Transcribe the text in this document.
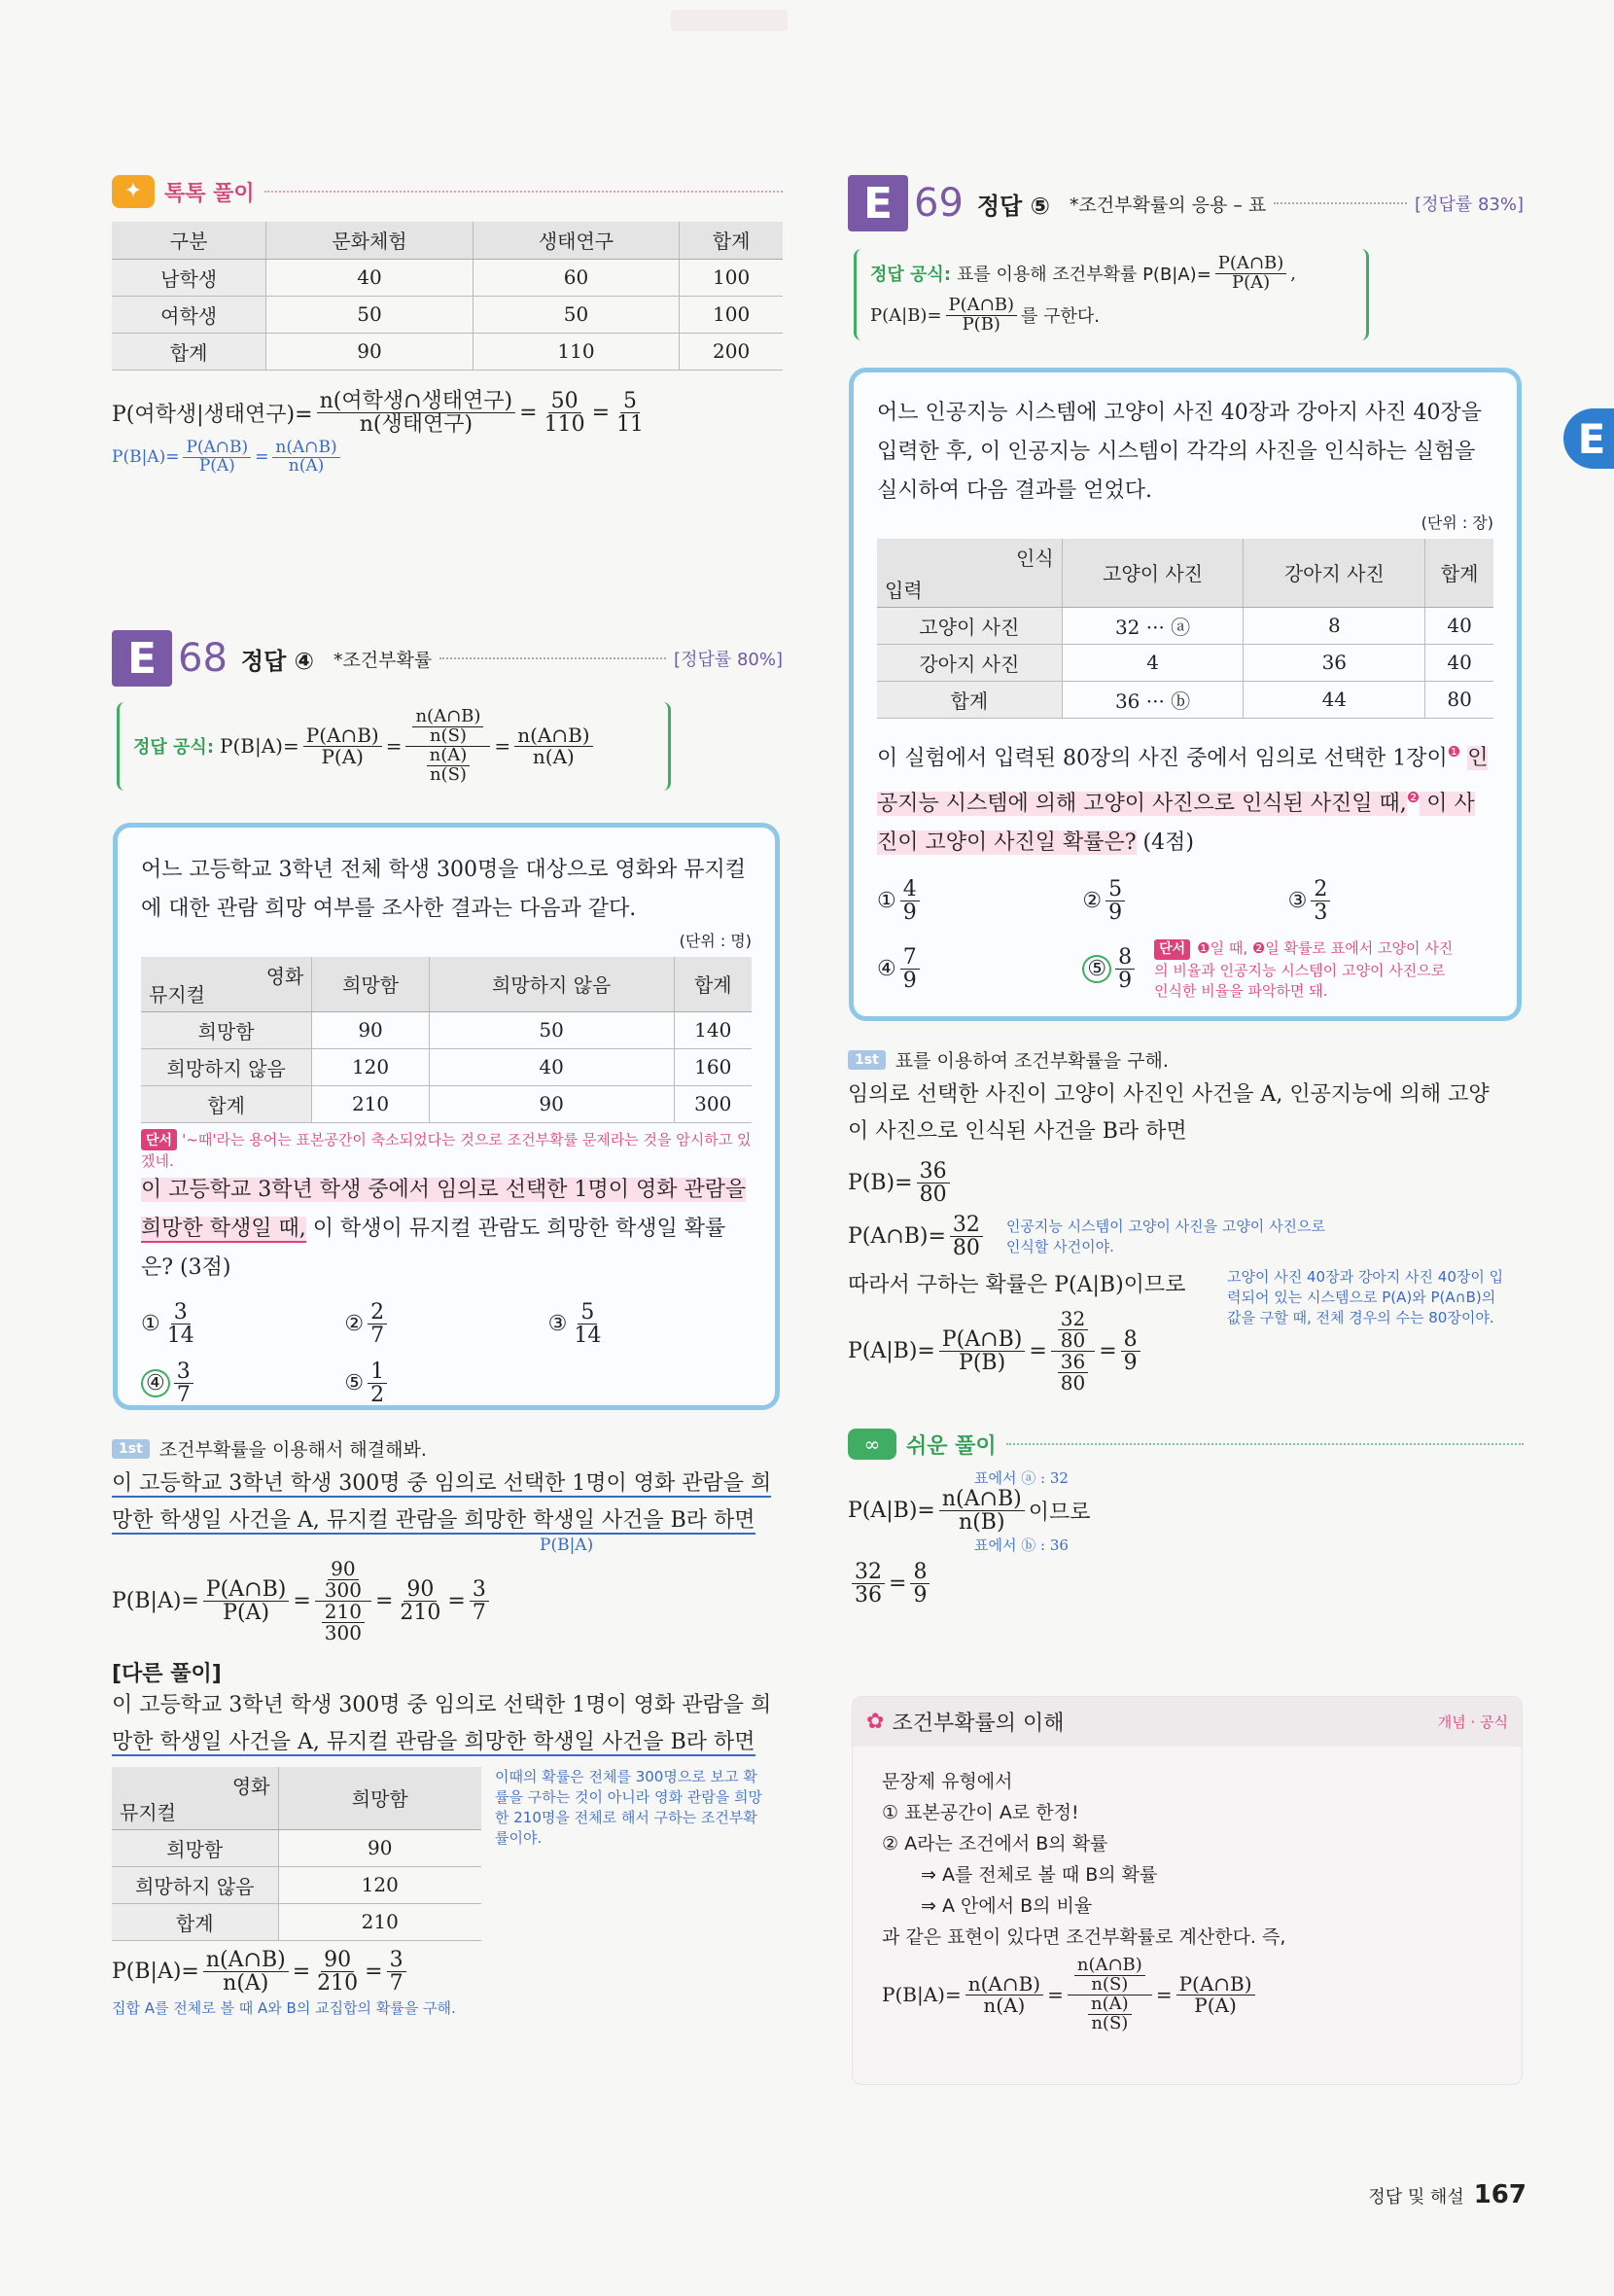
E
✦	톡톡 풀이
구분	문화체험	생태연구	합계
남학생	40	60	100
여학생	50	50	100
합계	90	110	200
P(여학생|생태연구)= $\frac{\text{n(여학생∩생태연구)}}{\text{n(생태연구)}} = \frac{50}{110} = \frac{5}{11}$
$P(B|A)= \frac{P(A\cap B)}{P(A)} = \frac{n(A\cap B)}{n(A)}$
E 68 정답 ④ *조건부확률	[정답률 80%]
정답 공식: $P(B|A)= \frac{P(A\cap B)}{P(A)} = \frac{\frac{n(A\cap B)}{n(S)}}{\frac{n(A)}{n(S)}} = \frac{n(A\cap B)}{n(A)}$
어느 고등학교 3학년 전체 학생 300명을 대상으로 영화와 뮤지컬에 대한 관람 희망 여부를 조사한 결과는 다음과 같다.
(단위 : 명)
영화
뮤지컬	희망함	희망하지 않음	합계
희망함	90	50	140
희망하지 않음	120	40	160
합계	210	90	300
단서 '~때'라는 용어는 표본공간이 축소되었다는 것으로 조건부확률 문제라는 것을 암시하고 있겠네.
이 고등학교 3학년 학생 중에서 임의로 선택한 1명이 영화 관람을 희망한 학생일 때, 이 학생이 뮤지컬 관람도 희망한 학생일 확률은? (3점)
① $\frac{3}{14}$	② $\frac{2}{7}$	③ $\frac{5}{14}$
④ $\frac{3}{7}$	⑤ $\frac{1}{2}$
1st 조건부확률을 이용해서 해결해봐.
이 고등학교 3학년 학생 300명 중 임의로 선택한 1명이 영화 관람을 희
망한 학생일 사건을 A, 뮤지컬 관람을 희망한 학생일 사건을 B라 하면
P(B|A)
$P(B|A)= \frac{P(A\cap B)}{P(A)} = \frac{\frac{90}{300}}{\frac{210}{300}} = \frac{90}{210} = \frac{3}{7}$
[다른 풀이]
이 고등학교 3학년 학생 300명 중 임의로 선택한 1명이 영화 관람을 희
망한 학생일 사건을 A, 뮤지컬 관람을 희망한 학생일 사건을 B라 하면
영화
뮤지컬	희망함
희망함	90
희망하지 않음	120
합계	210
이때의 확률은 전체를 300명으로 보고 확률을 구하는 것이 아니라 영화 관람을 희망한 210명을 전체로 해서 구하는 조건부확률이야.
$P(B|A)= \frac{n(A\cap B)}{n(A)} = \frac{90}{210} = \frac{3}{7}$
집합 A를 전체로 볼 때 A와 B의 교집합의 확률을 구해.
E 69 정답 ⑤ *조건부확률의 응용 – 표	[정답률 83%]
정답 공식: 표를 이용해 조건부확률 $P(B|A)= \frac{P(A\cap B)}{P(A)}$ ,
$P(A|B)= \frac{P(A\cap B)}{P(B)}$ 를 구한다.
어느 인공지능 시스템에 고양이 사진 40장과 강아지 사진 40장을 입력한 후, 이 인공지능 시스템이 각각의 사진을 인식하는 실험을 실시하여 다음 결과를 얻었다.
(단위 : 장)
인식
입력	고양이 사진	강아지 사진	합계
고양이 사진	32 ··· ⓐ	8	40
강아지 사진	4	36	40
합계	36 ··· ⓑ	44	80
이 실험에서 입력된 80장의 사진 중에서 임의로 선택한 1장이$^❶$ 인공지능 시스템에 의해 고양이 사진으로 인식된 사진일 때,$^❷$ 이 사진이 고양이 사진일 확률은? (4점)
① $\frac{4}{9}$	② $\frac{5}{9}$	③ $\frac{2}{3}$
④ $\frac{7}{9}$	⑤ $\frac{8}{9}$	단서 ❶일 때, ❷일 확률로 표에서 고양이 사진의 비율과 인공지능 시스템이 고양이 사진으로 인식한 비율을 파악하면 돼.
1st 표를 이용하여 조건부확률을 구해.
임의로 선택한 사진이 고양이 사진인 사건을 A, 인공지능에 의해 고양
이 사진으로 인식된 사건을 B라 하면
$P(B)= \frac{36}{80}$
P(A∩B)= $\frac{32}{80}$ 인공지능 시스템이 고양이 사진을 고양이 사진으로 인식할 사건이야.
따라서 구하는 확률은 P(A|B)이므로	고양이 사진 40장과 강아지 사진 40장이 입력되어 있는 시스템으로 P(A)와 P(A∩B)의 값을 구할 때, 전체 경우의 수는 80장이야.
$P(A|B)= \frac{P(A\cap B)}{P(B)} = \frac{\frac{32}{80}}{\frac{36}{80}} = \frac{8}{9}$
∞	쉬운 풀이
표에서 ⓐ : 32
$P(A|B)= \frac{n(A\cap B)}{n(B)}$ 이므로
표에서 ⓑ : 36
$\frac{32}{36} = \frac{8}{9}$
✿ 조건부확률의 이해	개념 · 공식
문장제 유형에서
① 표본공간이 A로 한정!
② A라는 조건에서 B의 확률
⇒ A를 전체로 볼 때 B의 확률
⇒ A 안에서 B의 비율
과 같은 표현이 있다면 조건부확률로 계산한다. 즉,
$P(B|A)= \frac{n(A\cap B)}{n(A)} = \frac{\frac{n(A\cap B)}{n(S)}}{\frac{n(A)}{n(S)}} = \frac{P(A\cap B)}{P(A)}$
정답 및 해설 167
